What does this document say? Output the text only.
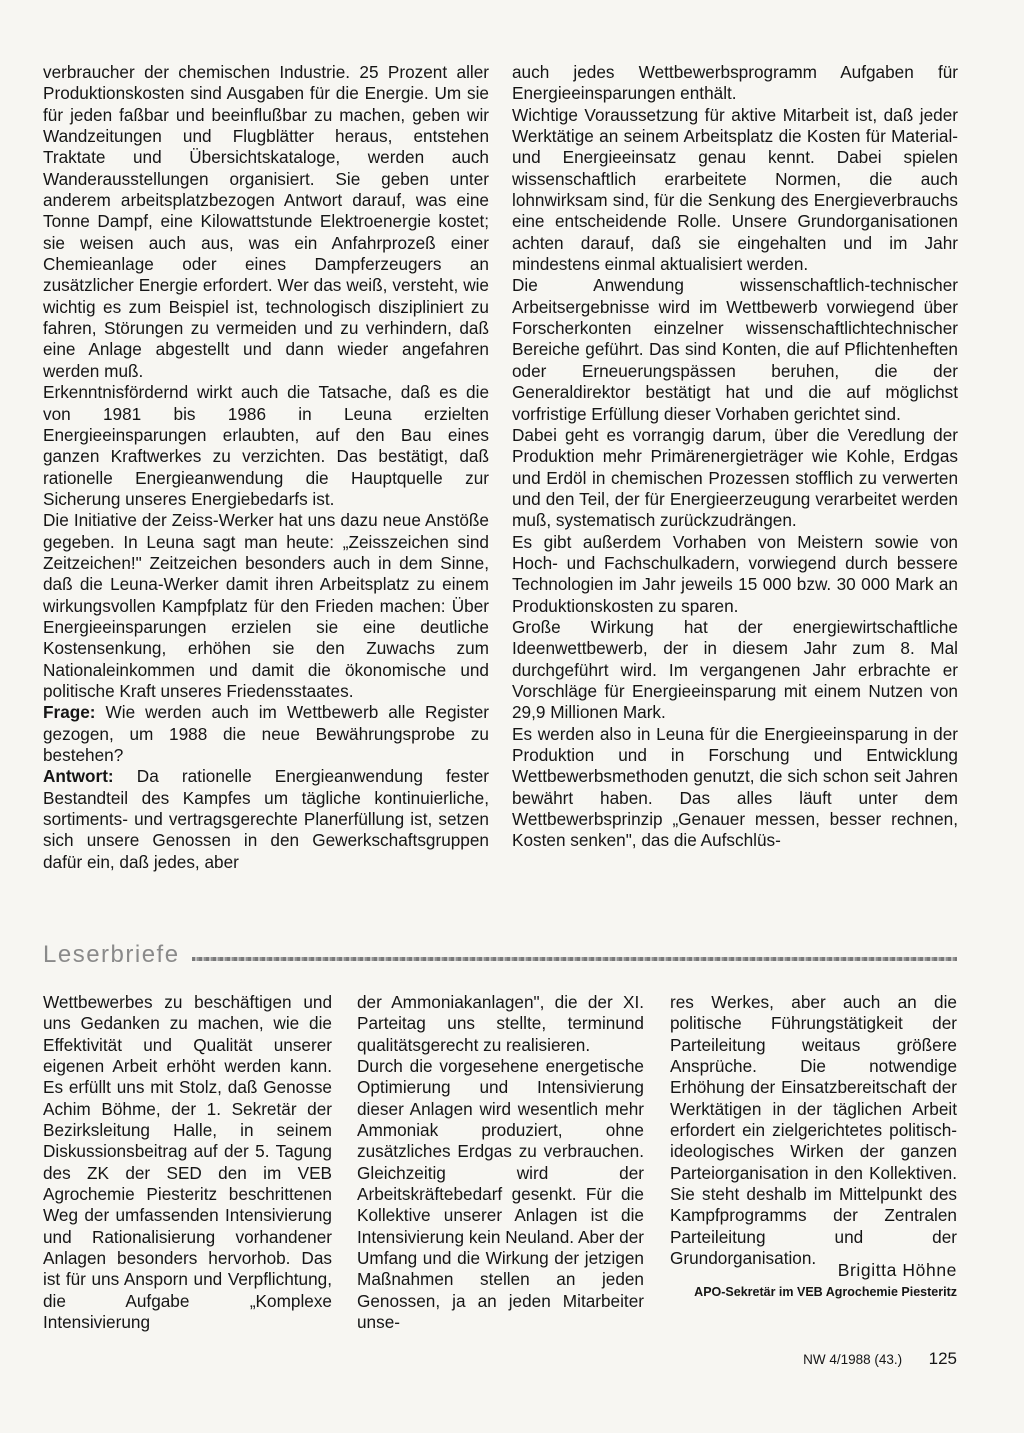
verbraucher der chemischen Industrie. 25 Prozent aller Produktionskosten sind Ausgaben für die Energie. Um sie für jeden faßbar und beeinflußbar zu machen, geben wir Wandzeitungen und Flugblätter heraus, entstehen Traktate und Übersichtskataloge, werden auch Wanderausstellungen organisiert. Sie geben unter anderem arbeitsplatzbezogen Antwort darauf, was eine Tonne Dampf, eine Kilowattstunde Elektroenergie kostet; sie weisen auch aus, was ein Anfahrprozeß einer Chemieanlage oder eines Dampferzeugers an zusätzlicher Energie erfordert. Wer das weiß, versteht, wie wichtig es zum Beispiel ist, technologisch diszipliniert zu fahren, Störungen zu vermeiden und zu verhindern, daß eine Anlage abgestellt und dann wieder angefahren werden muß.

Erkenntnisfördernd wirkt auch die Tatsache, daß es die von 1981 bis 1986 in Leuna erzielten Energieeinsparungen erlaubten, auf den Bau eines ganzen Kraftwerkes zu verzichten. Das bestätigt, daß rationelle Energieanwendung die Hauptquelle zur Sicherung unseres Energiebedarfs ist.

Die Initiative der Zeiss-Werker hat uns dazu neue Anstöße gegeben. In Leuna sagt man heute: „Zeisszeichen sind Zeitzeichen!" Zeitzeichen besonders auch in dem Sinne, daß die Leuna-Werker damit ihren Arbeitsplatz zu einem wirkungsvollen Kampfplatz für den Frieden machen: Über Energieeinsparungen erzielen sie eine deutliche Kostensenkung, erhöhen sie den Zuwachs zum Nationaleinkommen und damit die ökonomische und politische Kraft unseres Friedensstaates.

Frage: Wie werden auch im Wettbewerb alle Register gezogen, um 1988 die neue Bewährungsprobe zu bestehen?

Antwort: Da rationelle Energieanwendung fester Bestandteil des Kampfes um tägliche kontinuierliche, sortiments- und vertragsgerechte Planerfüllung ist, setzen sich unsere Genossen in den Gewerkschaftsgruppen dafür ein, daß jedes, aber

auch jedes Wettbewerbsprogramm Aufgaben für Energieeinsparungen enthält.

Wichtige Voraussetzung für aktive Mitarbeit ist, daß jeder Werktätige an seinem Arbeitsplatz die Kosten für Material- und Energieeinsatz genau kennt. Dabei spielen wissenschaftlich erarbeitete Normen, die auch lohnwirksam sind, für die Senkung des Energieverbrauchs eine entscheidende Rolle. Unsere Grundorganisationen achten darauf, daß sie eingehalten und im Jahr mindestens einmal aktualisiert werden.

Die Anwendung wissenschaftlich-technischer Arbeitsergebnisse wird im Wettbewerb vorwiegend über Forscherkonten einzelner wissenschaftlichtechnischer Bereiche geführt. Das sind Konten, die auf Pflichtenheften oder Erneuerungspässen beruhen, die der Generaldirektor bestätigt hat und die auf möglichst vorfristige Erfüllung dieser Vorhaben gerichtet sind.

Dabei geht es vorrangig darum, über die Veredlung der Produktion mehr Primärenergieträger wie Kohle, Erdgas und Erdöl in chemischen Prozessen stofflich zu verwerten und den Teil, der für Energieerzeugung verarbeitet werden muß, systematisch zurückzudrängen.

Es gibt außerdem Vorhaben von Meistern sowie von Hoch- und Fachschulkadern, vorwiegend durch bessere Technologien im Jahr jeweils 15 000 bzw. 30 000 Mark an Produktionskosten zu sparen.

Große Wirkung hat der energiewirtschaftliche Ideenwettbewerb, der in diesem Jahr zum 8. Mal durchgeführt wird. Im vergangenen Jahr erbrachte er Vorschläge für Energieeinsparung mit einem Nutzen von 29,9 Millionen Mark.

Es werden also in Leuna für die Energieeinsparung in der Produktion und in Forschung und Entwicklung Wettbewerbsmethoden genutzt, die sich schon seit Jahren bewährt haben. Das alles läuft unter dem Wettbewerbsprinzip „Genauer messen, besser rechnen, Kosten senken", das die Aufschlüs-

Leserbriefe

Wettbewerbes zu beschäftigen und uns Gedanken zu machen, wie die Effektivität und Qualität unserer eigenen Arbeit erhöht werden kann. Es erfüllt uns mit Stolz, daß Genosse Achim Böhme, der 1. Sekretär der Bezirksleitung Halle, in seinem Diskussionsbeitrag auf der 5. Tagung des ZK der SED den im VEB Agrochemie Piesteritz beschrittenen Weg der umfassenden Intensivierung und Rationalisierung vorhandener Anlagen besonders hervorhob. Das ist für uns Ansporn und Verpflichtung, die Aufgabe „Komplexe Intensivierung

der Ammoniakanlagen", die der XI. Parteitag uns stellte, terminund qualitätsgerecht zu realisieren.

Durch die vorgesehene energetische Optimierung und Intensivierung dieser Anlagen wird wesentlich mehr Ammoniak produziert, ohne zusätzliches Erdgas zu verbrauchen. Gleichzeitig wird der Arbeitskräftebedarf gesenkt. Für die Kollektive unserer Anlagen ist die Intensivierung kein Neuland. Aber der Umfang und die Wirkung der jetzigen Maßnahmen stellen an jeden Genossen, ja an jeden Mitarbeiter unse-

res Werkes, aber auch an die politische Führungstätigkeit der Parteileitung weitaus größere Ansprüche. Die notwendige Erhöhung der Einsatzbereitschaft der Werktätigen in der täglichen Arbeit erfordert ein zielgerichtetes politisch-ideologisches Wirken der ganzen Parteiorganisation in den Kollektiven. Sie steht deshalb im Mittelpunkt des Kampfprogramms der Zentralen Parteileitung und der Grundorganisation.

Brigitta Höhne
APO-Sekretär im VEB Agrochemie Piesteritz
NW 4/1988 (43.) 125
